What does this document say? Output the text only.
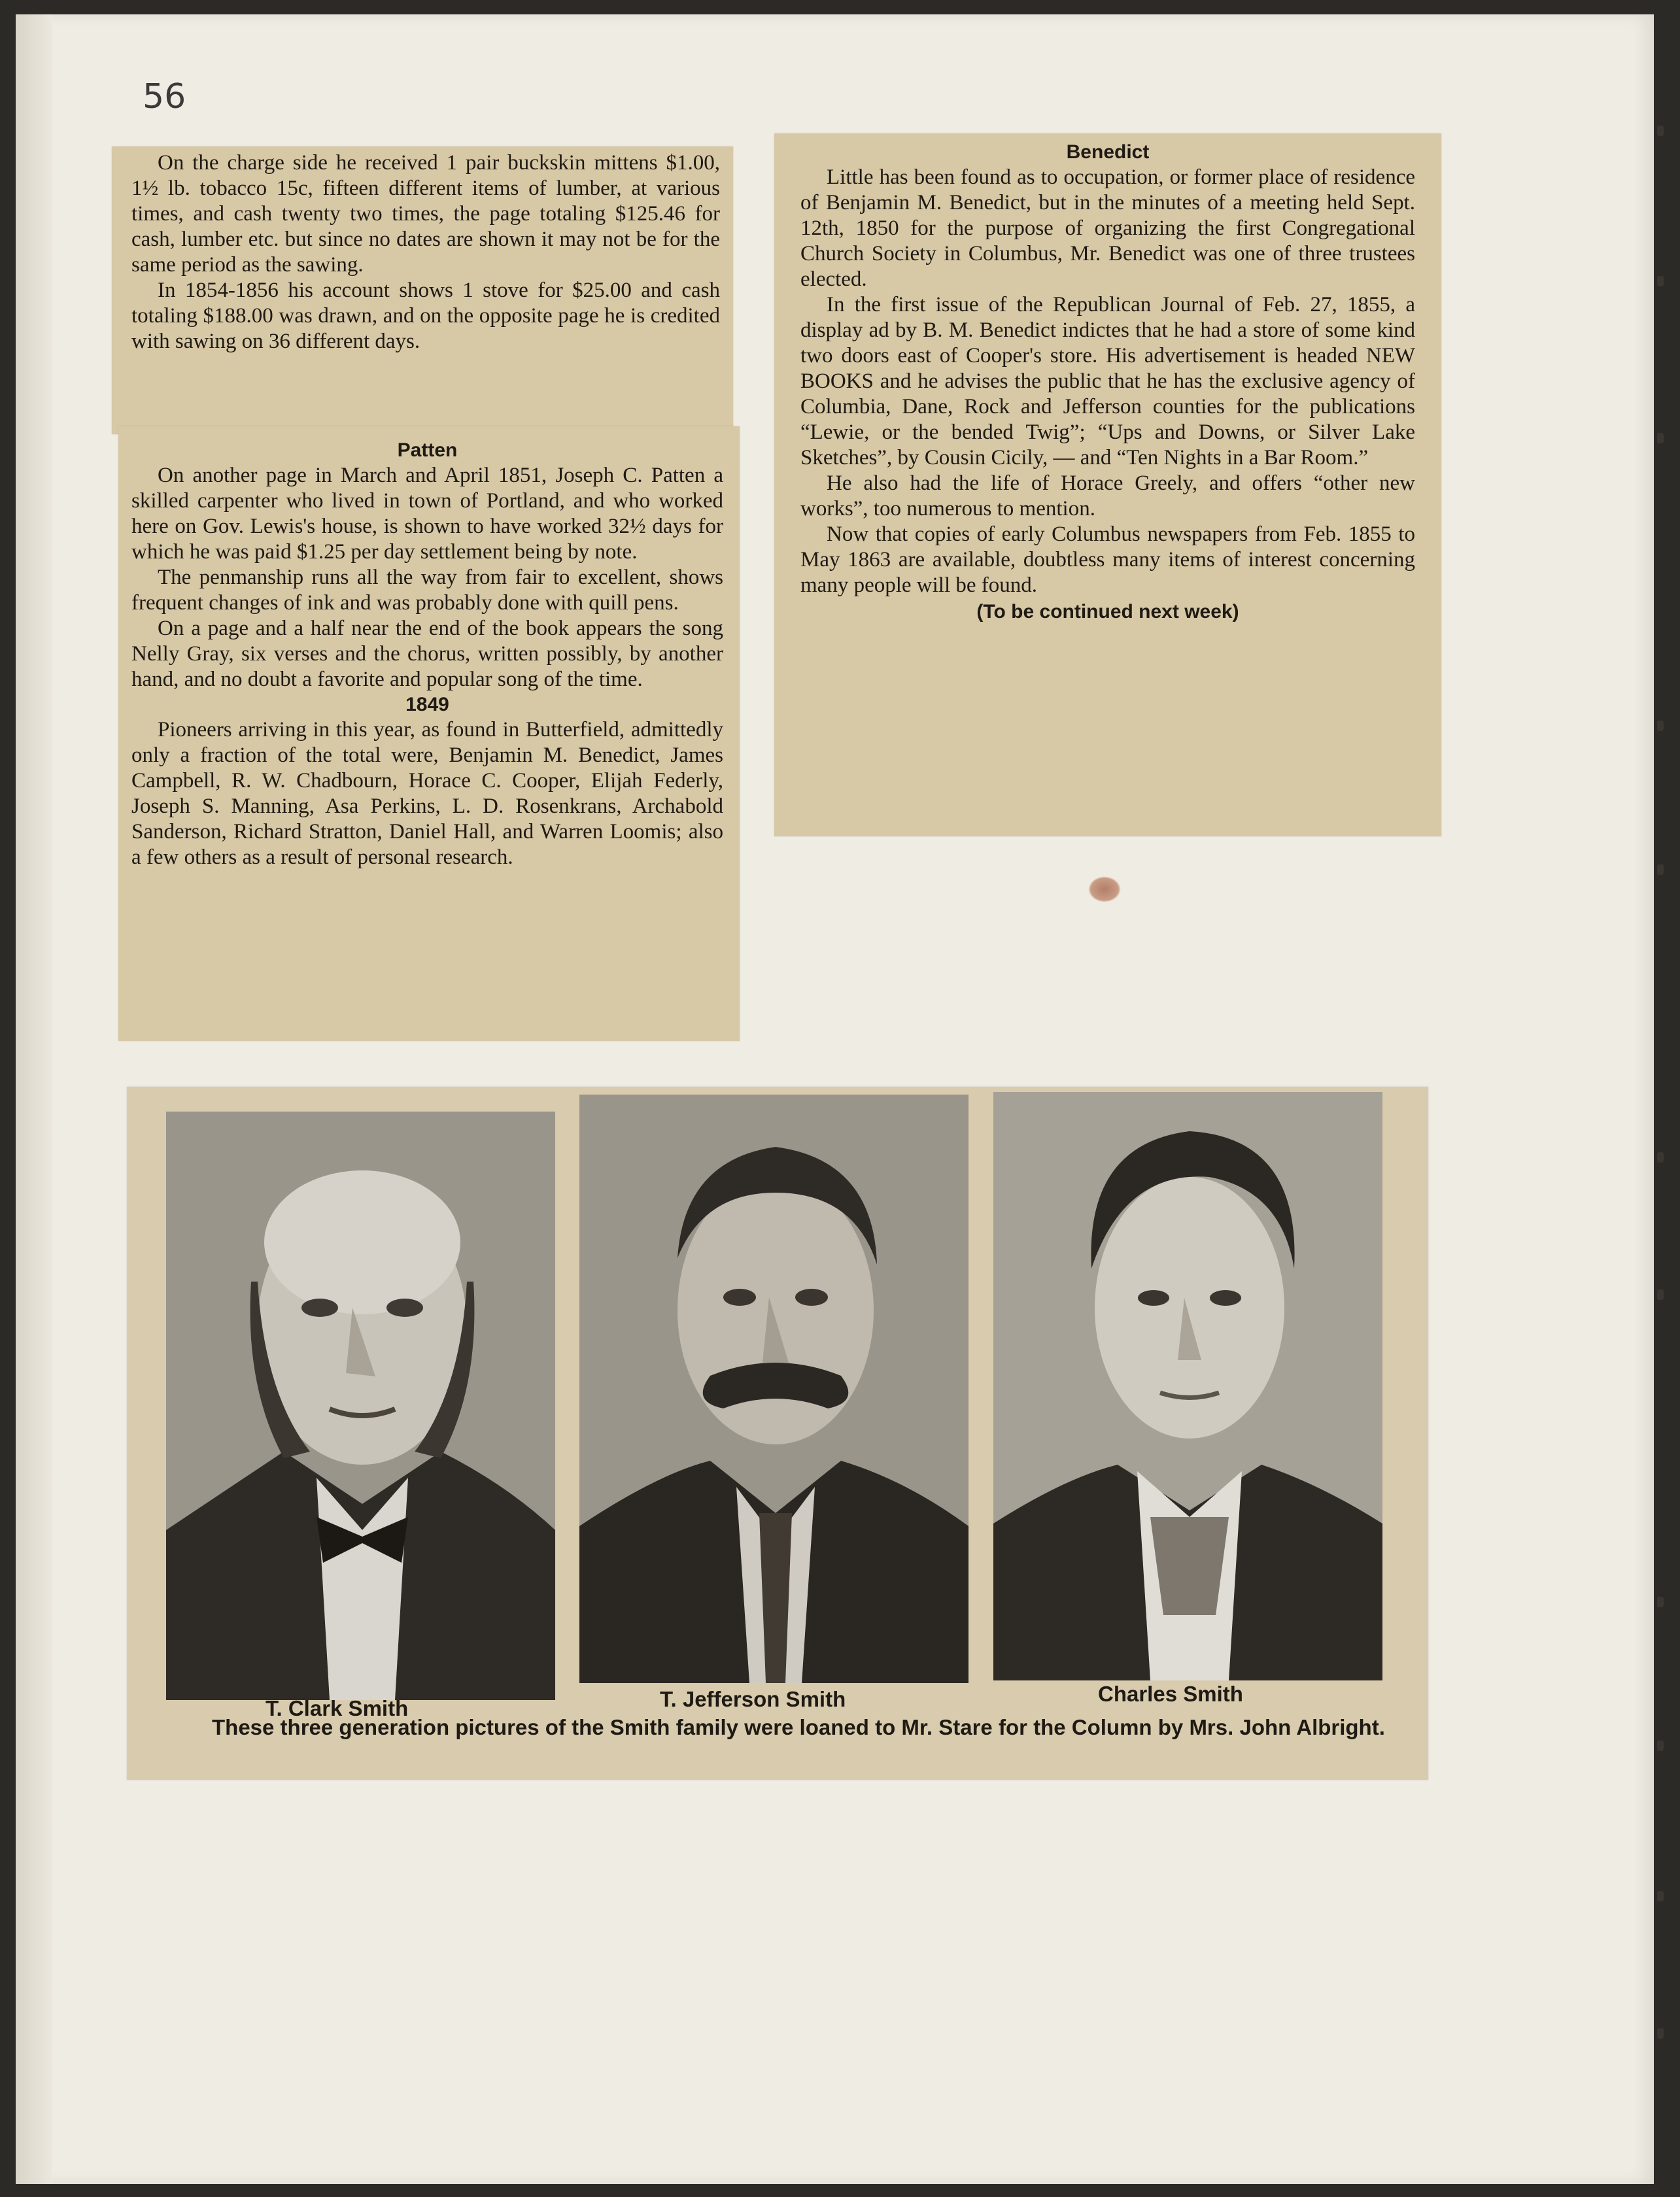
56

On the charge side he received 1 pair buckskin mittens $1.00, 1½ lb. tobacco 15c, fifteen different items of lumber, at various times, and cash twenty two times, the page totaling $125.46 for cash, lumber etc. but since no dates are shown it may not be for the same period as the sawing.

In 1854-1856 his account shows 1 stove for $25.00 and cash totaling $188.00 was drawn, and on the opposite page he is credited with sawing on 36 different days.

Patten

On another page in March and April 1851, Joseph C. Patten a skilled carpenter who lived in town of Portland, and who worked here on Gov. Lewis's house, is shown to have worked 32½ days for which he was paid $1.25 per day settlement being by note.

The penmanship runs all the way from fair to excellent, shows frequent changes of ink and was probably done with quill pens.

On a page and a half near the end of the book appears the song Nelly Gray, six verses and the chorus, written possibly, by another hand, and no doubt a favorite and popular song of the time.

1849

Pioneers arriving in this year, as found in Butterfield, admittedly only a fraction of the total were, Benjamin M. Benedict, James Campbell, R. W. Chadbourn, Horace C. Cooper, Elijah Federly, Joseph S. Manning, Asa Perkins, L. D. Rosenkrans, Archabold Sanderson, Richard Stratton, Daniel Hall, and Warren Loomis; also a few others as a result of personal research.

Benedict

Little has been found as to occupation, or former place of residence of Benjamin M. Benedict, but in the minutes of a meeting held Sept. 12th, 1850 for the purpose of organizing the first Congregational Church Society in Columbus, Mr. Benedict was one of three trustees elected.

In the first issue of the Republican Journal of Feb. 27, 1855, a display ad by B. M. Benedict indictes that he had a store of some kind two doors east of Cooper's store. His advertisement is headed NEW BOOKS and he advises the public that he has the exclusive agency of Columbia, Dane, Rock and Jefferson counties for the publications “Lewie, or the bended Twig”; “Ups and Downs, or Silver Lake Sketches”, by Cousin Cicily, — and “Ten Nights in a Bar Room.”

He also had the life of Horace Greely, and offers “other new works”, too numerous to mention.

Now that copies of early Columbus newspapers from Feb. 1855 to May 1863 are available, doubtless many items of interest concerning many people will be found.

(To be continued next week)
T. Clark Smith	T. Jefferson Smith	Charles Smith
These three generation pictures of the Smith family were loaned to Mr. Stare for the Column by Mrs. John Albright.
